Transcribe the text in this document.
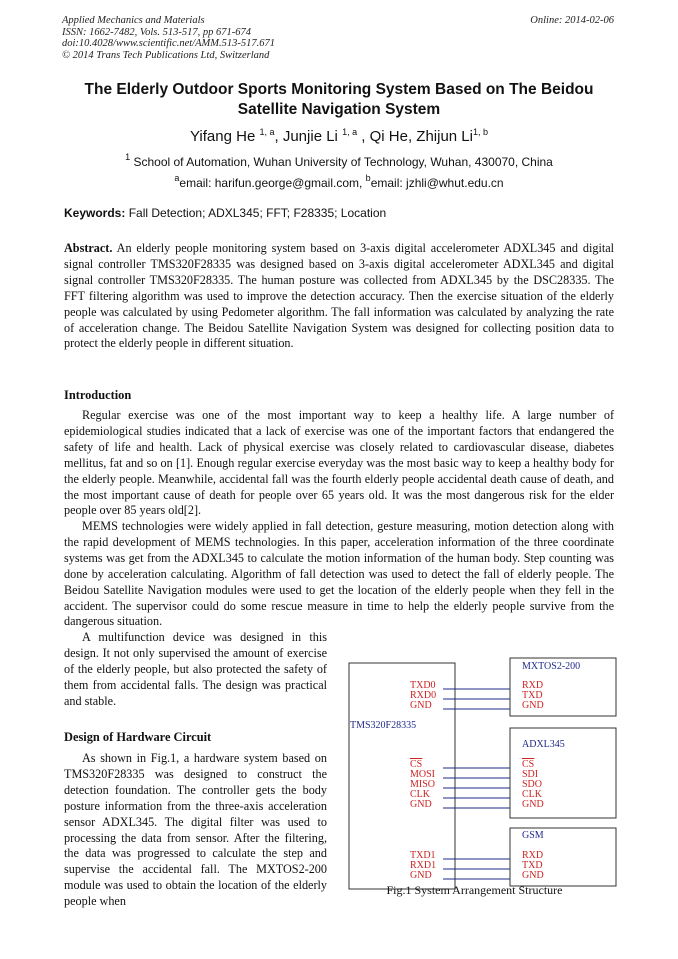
Applied Mechanics and Materials
ISSN: 1662-7482, Vols. 513-517, pp 671-674
doi:10.4028/www.scientific.net/AMM.513-517.671
© 2014 Trans Tech Publications Ltd, Switzerland
Online: 2014-02-06
The Elderly Outdoor Sports Monitoring System Based on The Beidou Satellite Navigation System
Yifang He $^{1, a}$, Junjie Li $^{1, a}$ , Qi He, Zhijun Li$^{1, b}$
$^1$ School of Automation, Wuhan University of Technology, Wuhan, 430070, China
$^a$email: harifun.george@gmail.com, $^b$email: jzhli@whut.edu.cn
Keywords: Fall Detection; ADXL345; FFT; F28335; Location
Abstract. An elderly people monitoring system based on 3-axis digital accelerometer ADXL345 and digital signal controller TMS320F28335 was designed based on 3-axis digital accelerometer ADXL345 and digital signal controller TMS320F28335. The human posture was collected from ADXL345 by the DSC28335. The FFT filtering algorithm was used to improve the detection accuracy. Then the exercise situation of the elderly people was calculated by using Pedometer algorithm. The fall information was calculated by analyzing the rate of acceleration change. The Beidou Satellite Navigation System was designed for collecting position data to protect the elderly people in different situation.
Introduction
Regular exercise was one of the most important way to keep a healthy life. A large number of epidemiological studies indicated that a lack of exercise was one of the important factors that endangered the safety of life and health. Lack of physical exercise was closely related to cardiovascular disease, diabetes mellitus, fat and so on [1]. Enough regular exercise everyday was the most basic way to keep a healthy body for the elderly people. Meanwhile, accidental fall was the fourth elderly people accidental death cause of death, and the most important cause of death for people over 65 years old. It was the most dangerous risk for the elder people over 85 years old[2].
MEMS technologies were widely applied in fall detection, gesture measuring, motion detection along with the rapid development of MEMS technologies. In this paper, acceleration information of the three coordinate systems was get from the ADXL345 to calculate the motion information of the human body. Step counting was done by acceleration calculating. Algorithm of fall detection was used to detect the fall of elderly people. The Beidou Satellite Navigation modules were used to get the location of the elderly people when they fell in the accident. The supervisor could do some rescue measure in time to help the elderly people survive from the dangerous situation.
A multifunction device was designed in this design. It not only supervised the amount of exercise of the elderly people, but also protected the safety of them from accidental falls. The design was practical and stable.
Design of Hardware Circuit
As shown in Fig.1, a hardware system based on TMS320F28335 was designed to construct the detection foundation. The controller gets the body posture information from the three-axis acceleration sensor ADXL345. The digital filter was used to processing the data from sensor. After the filtering, the data was progressed to calculate the step and supervise the accidental fall. The MXTOS2-200 module was used to obtain the location of the elderly people when
TMS320F28335
MXTOS2-200
ADXL345
GSM
TXD0
RXD0
GND
RXD
TXD
GND
CS
MOSI
MISO
CLK
GND
CS
SDI
SDO
CLK
GND
TXD1
RXD1
GND
RXD
TXD
GND
Fig.1 System Arrangement Structure
